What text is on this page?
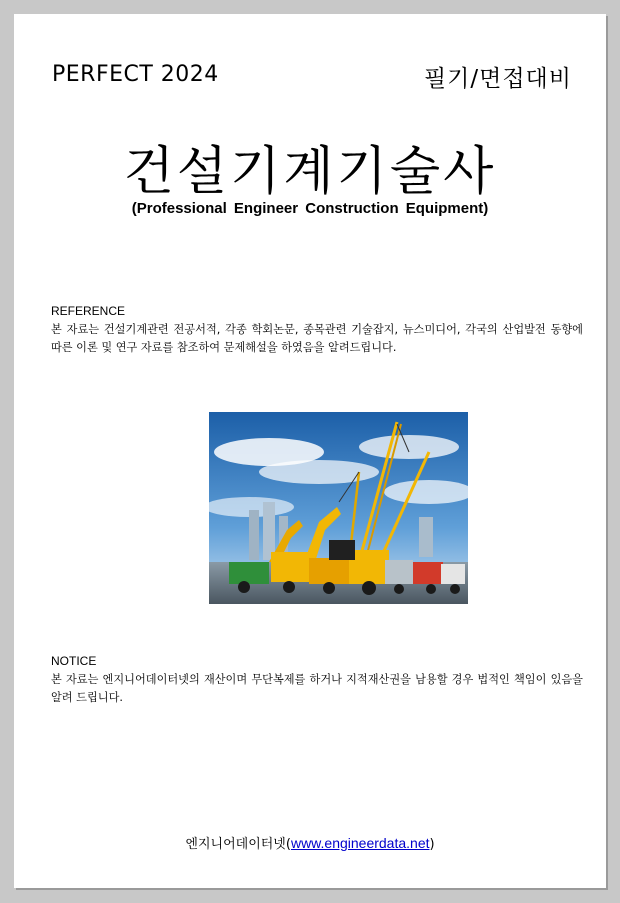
PERFECT 2024	필기/면접대비
건설기계기술사
(Professional Engineer Construction Equipment)
REFERENCE
본 자료는 건설기계관련 전공서적, 각종 학회논문, 종목관련 기술잡지, 뉴스미디어, 각국의 산업발전 동향에 따른 이론 및 연구 자료를 참조하여 문제해설을 하였음을 알려드립니다.
NOTICE
본 자료는 엔지니어데이터넷의 재산이며 무단복제를 하거나 지적재산권을 남용할 경우 법적인 책임이 있음을 알려 드립니다.
엔지니어데이터넷(www.engineerdata.net)
